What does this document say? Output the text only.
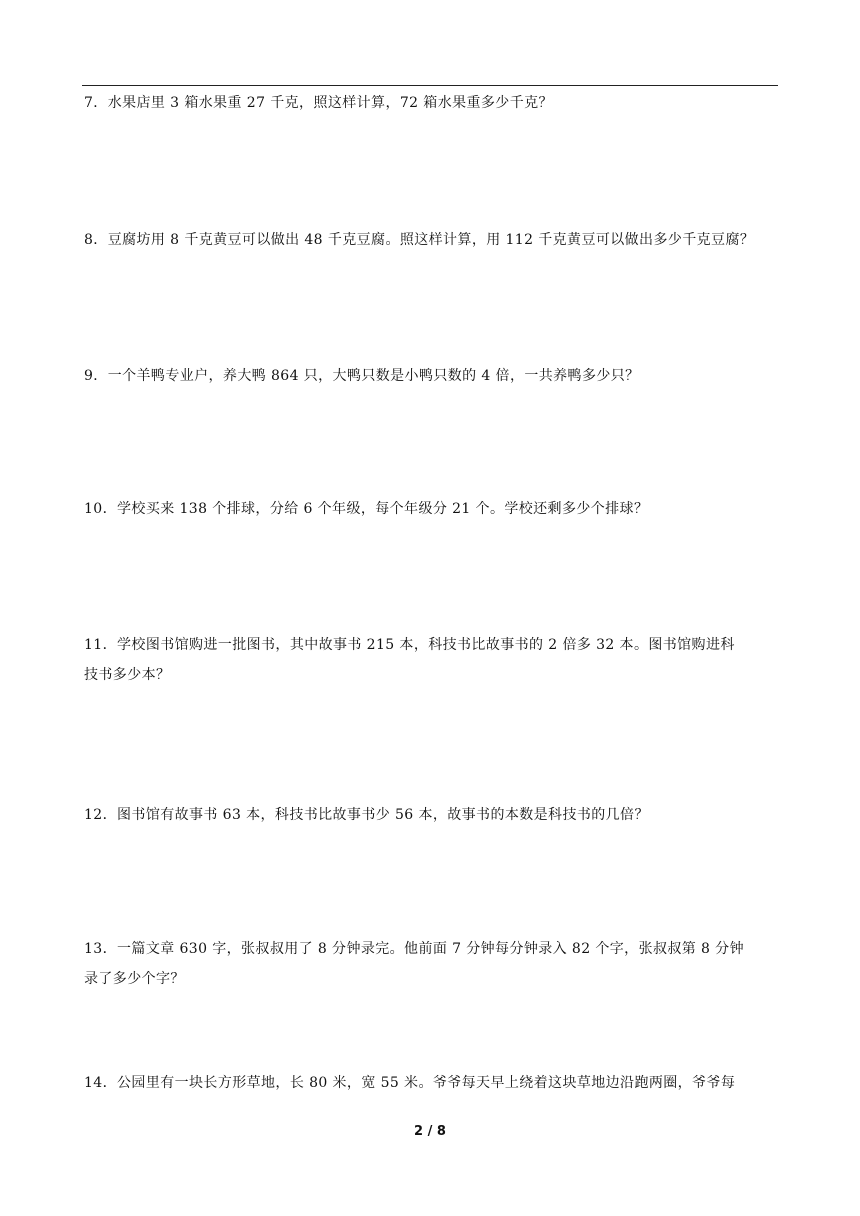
7．水果店里 3 箱水果重 27 千克，照这样计算，72 箱水果重多少千克？
8．豆腐坊用 8 千克黄豆可以做出 48 千克豆腐。照这样计算，用 112 千克黄豆可以做出多少千克豆腐？
9．一个羊鸭专业户，养大鸭 864 只，大鸭只数是小鸭只数的 4 倍，一共养鸭多少只？
10．学校买来 138 个排球，分给 6 个年级，每个年级分 21 个。学校还剩多少个排球？
11．学校图书馆购进一批图书，其中故事书 215 本，科技书比故事书的 2 倍多 32 本。图书馆购进科
技书多少本？
12．图书馆有故事书 63 本，科技书比故事书少 56 本，故事书的本数是科技书的几倍？
13．一篇文章 630 字，张叔叔用了 8 分钟录完。他前面 7 分钟每分钟录入 82 个字，张叔叔第 8 分钟
录了多少个字？
14．公园里有一块长方形草地，长 80 米，宽 55 米。爷爷每天早上绕着这块草地边沿跑两圈，爷爷每
2 / 8
